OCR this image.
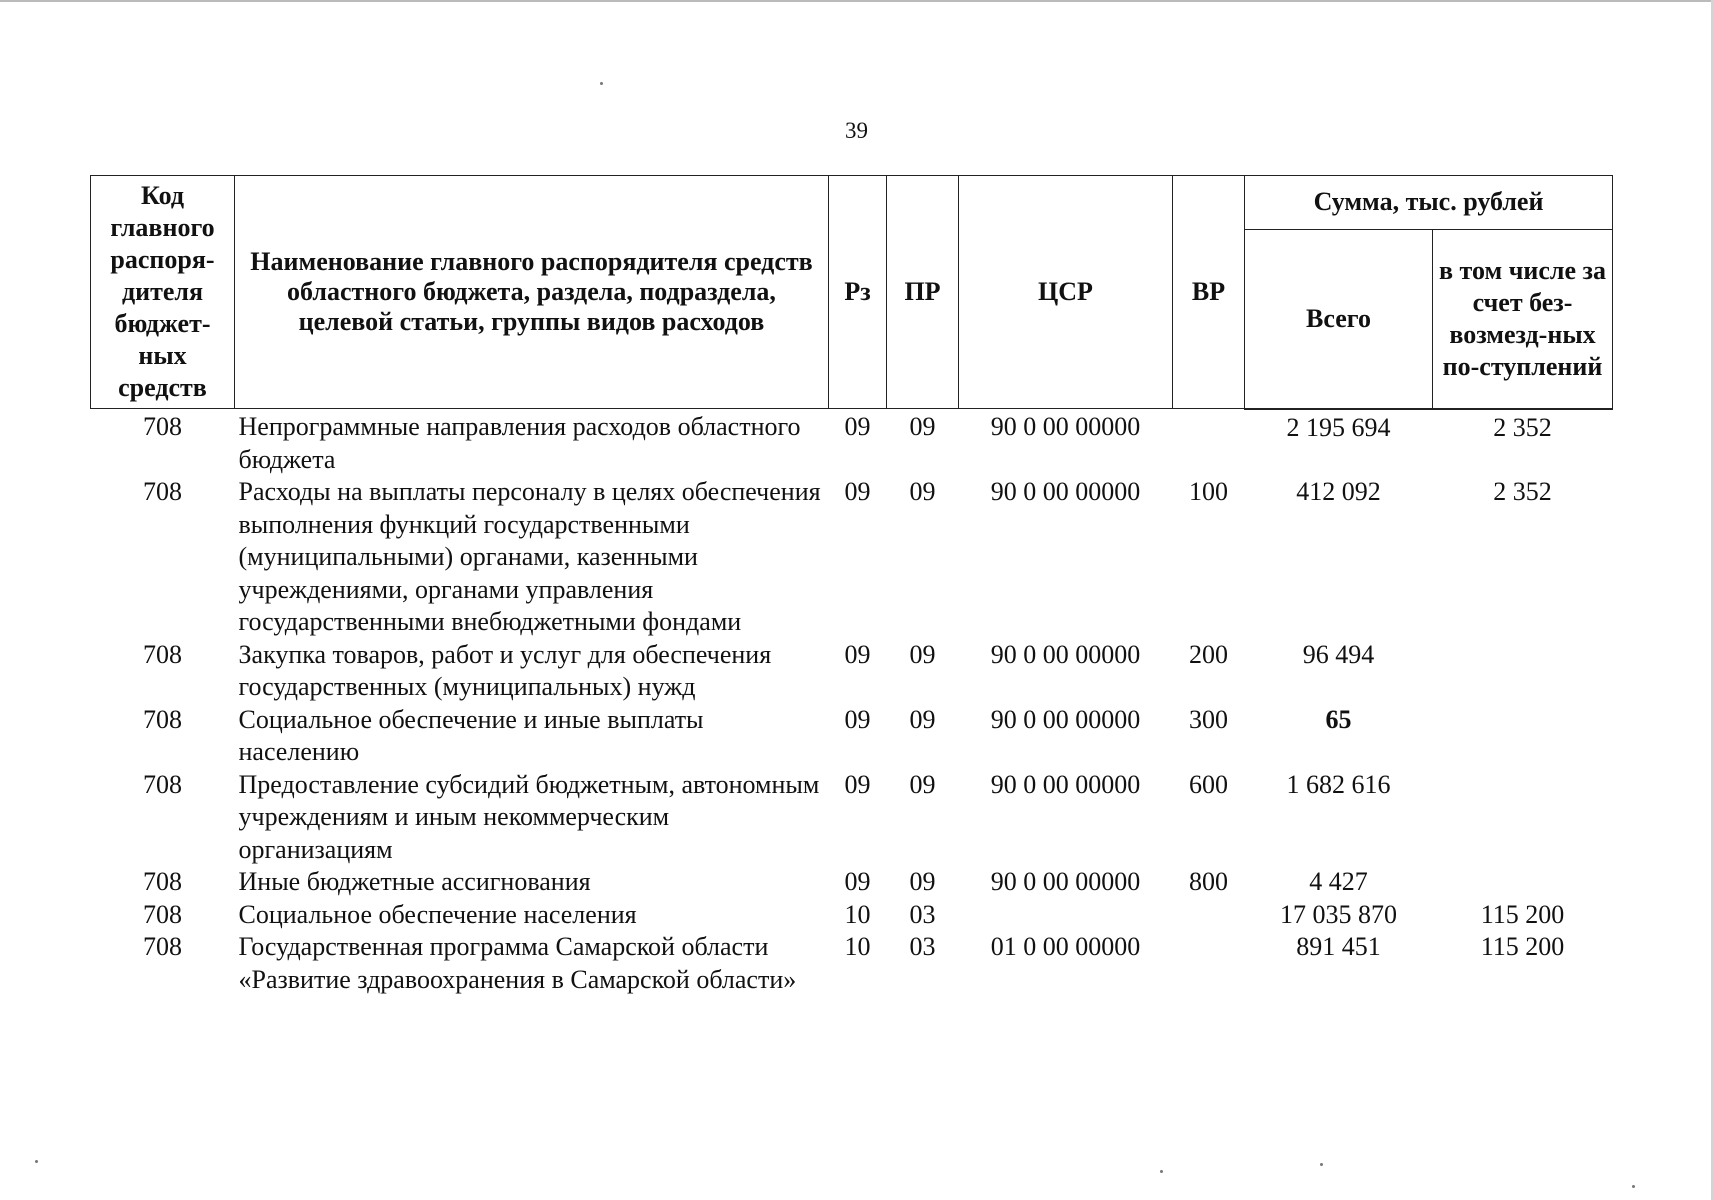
39
Код главного распоря-дителя бюджет-ных средств	Наименование главного распорядителя средств областного бюджета, раздела, подраздела, целевой статьи, группы видов расходов	Рз	ПР	ЦСР	ВР	Сумма, тыс. рублей	
						Всего	в том числе за счет без-возмезд-ных по-ступлений
708	Непрограммные направления расходов областного бюджета	09	09	90 0 00 00000		2 195 694	2 352
708	Расходы на выплаты персоналу в целях обеспечения выполнения функций государственными (муниципальными) органами, казенными учреждениями, органами управления государственными внебюджетными фондами	09	09	90 0 00 00000	100	412 092	2 352
708	Закупка товаров, работ и услуг для обеспечения государственных (муниципальных) нужд	09	09	90 0 00 00000	200	96 494	
708	Социальное обеспечение и иные выплаты населению	09	09	90 0 00 00000	300	65	
708	Предоставление субсидий бюджетным, автономным учреждениям и иным некоммерческим организациям	09	09	90 0 00 00000	600	1 682 616	
708	Иные бюджетные ассигнования	09	09	90 0 00 00000	800	4 427	
708	Социальное обеспечение населения	10	03			17 035 870	115 200
708	Государственная программа Самарской области «Развитие здравоохранения в Самарской области»	10	03	01 0 00 00000		891 451	115 200
